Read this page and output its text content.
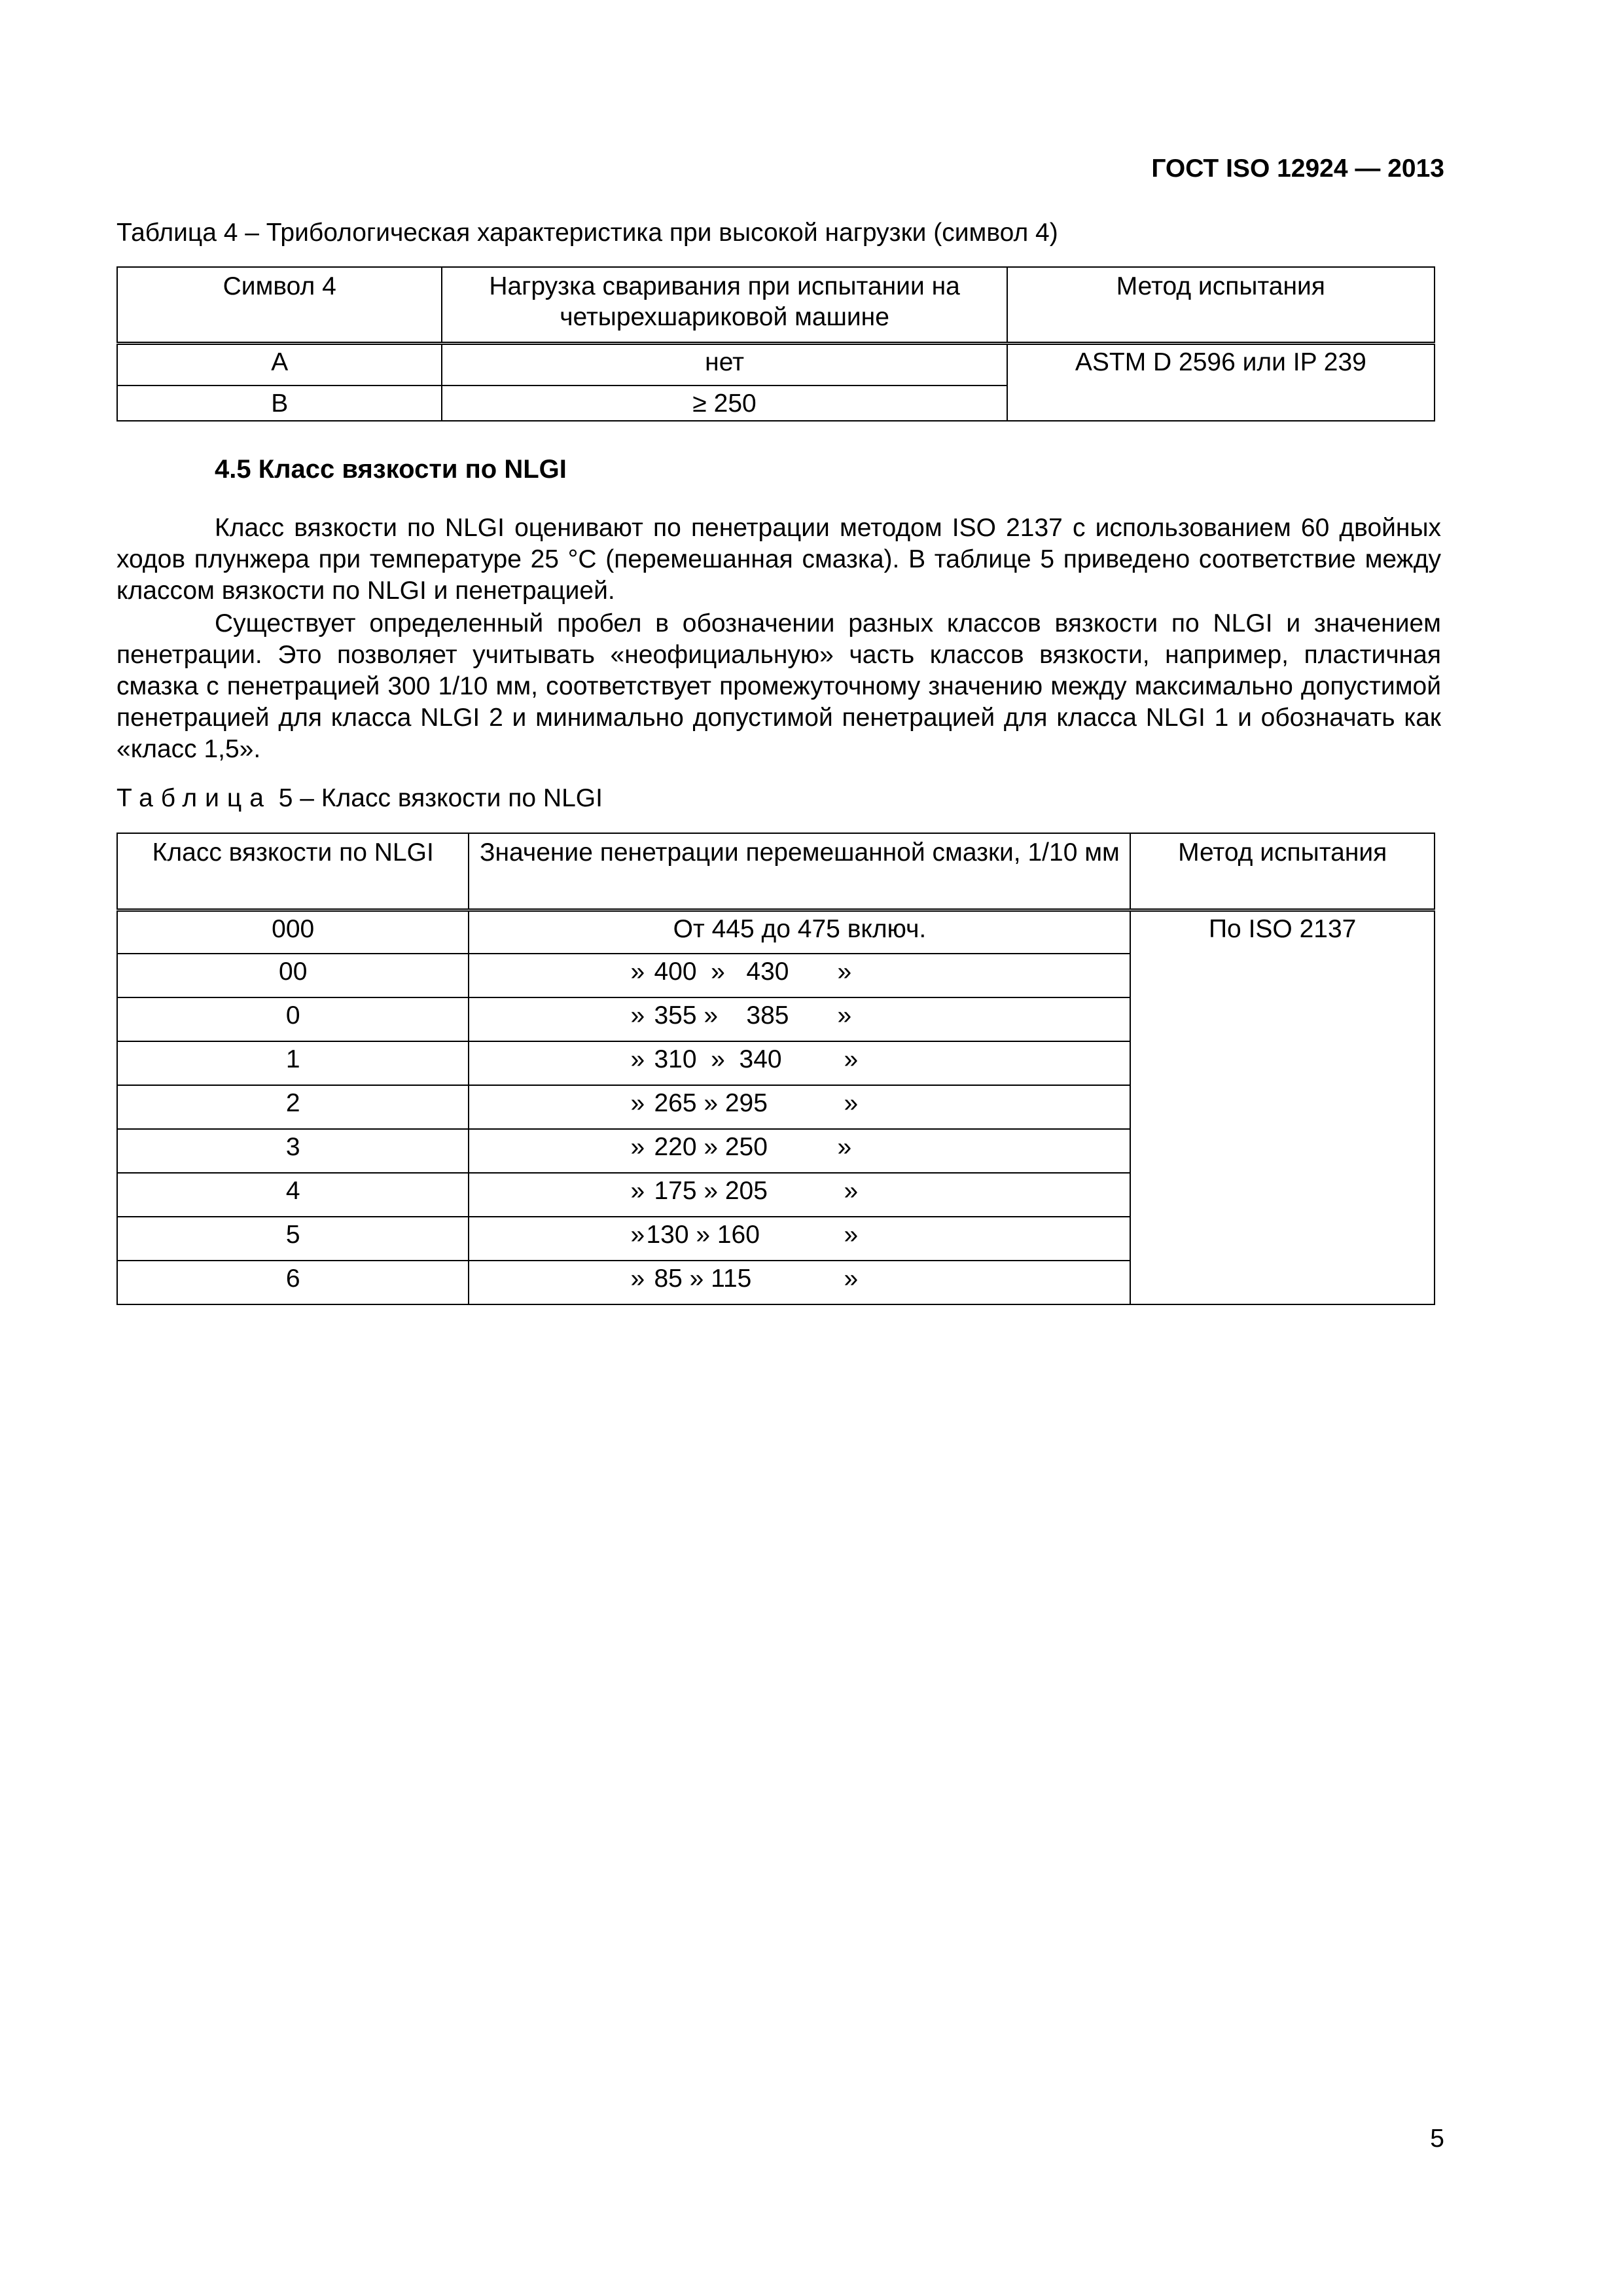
ГОСТ ISO 12924 — 2013
Таблица 4 – Трибологическая характеристика при высокой нагрузки (символ 4)
Символ 4	Нагрузка сваривания при испытании на четырехшариковой машине	Метод испытания
А	нет	ASTM D 2596 или IP 239
В	≥ 250	
4.5 Класс вязкости по NLGI
Класс вязкости по NLGI оценивают по пенетрации методом ISO 2137 с использованием 60 двойных ходов плунжера при температуре 25 °С (перемешанная смазка). В таблице 5 приведено соответствие между классом вязкости по NLGI и пенетрацией.
Существует определенный пробел в обозначении разных классов вязкости по NLGI и значением пенетрации. Это позволяет учитывать «неофициальную» часть классов вязкости, например, пластичная смазка с пенетрацией 300 1/10 мм, соответствует промежуточному значению между максимально допустимой пенетрацией для класса NLGI 2 и минимально допустимой пенетрацией для класса NLGI 1 и обозначать как «класс 1,5».
Таблица 5 – Класс вязкости по NLGI
Класс вязкости по NLGI	Значение пенетрации перемешанной смазки, 1/10 мм	Метод испытания
000	От 445 до 475 включ.	По ISO 2137
00	» 400  »   430 »	
0	» 355 »    385 »	
1	» 310  »  340 »	
2	» 265 » 295 »	
3	» 220 » 250 »	
4	» 175 » 205 »	
5	»130 » 160 »	
6	» 85 » 115 »	
5
